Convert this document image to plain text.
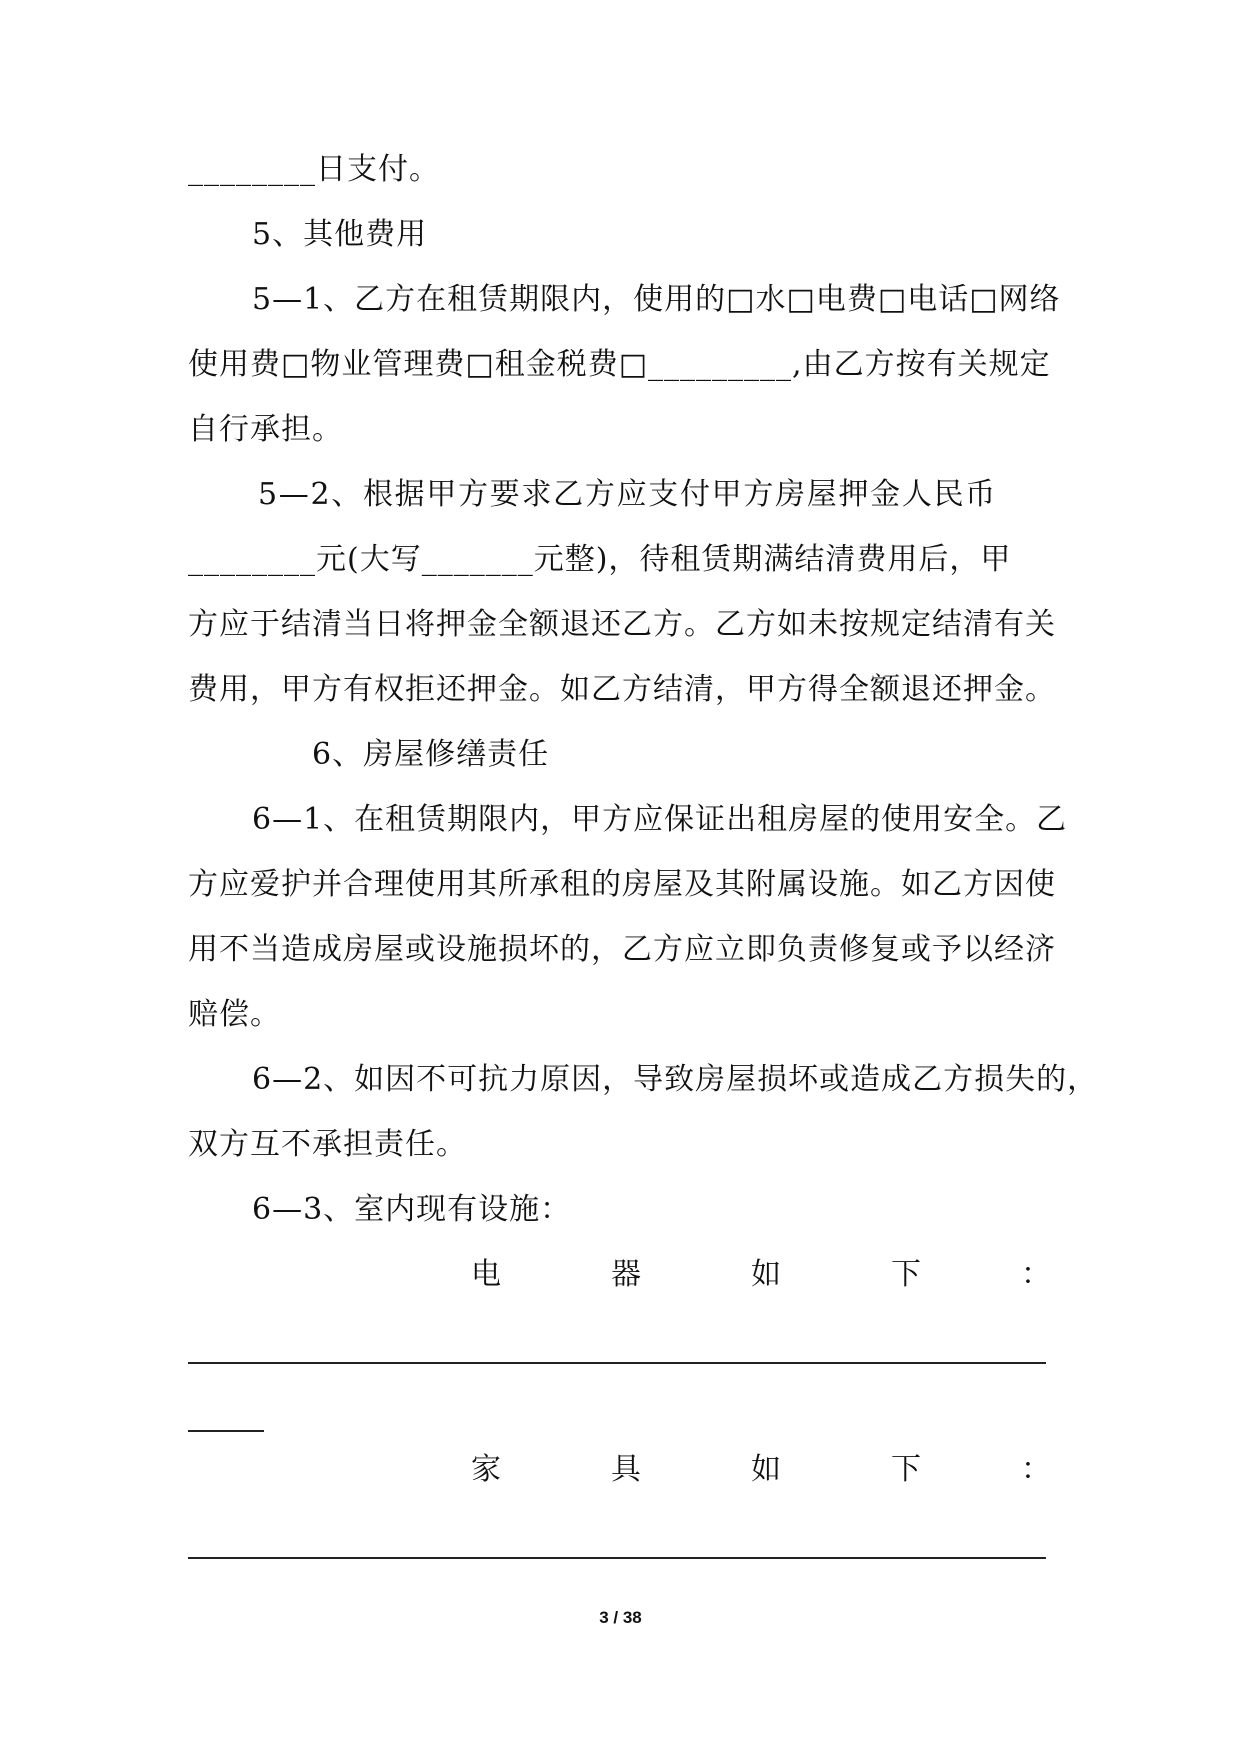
________日支付。
5、其他费用
5—1、乙方在租赁期限内，使用的□水□电费□电话□网络
使用费□物业管理费□租金税费□_________,由乙方按有关规定
自行承担。
5—2、根据甲方要求乙方应支付甲方房屋押金人民币
________元(大写_______元整)，待租赁期满结清费用后，甲
方应于结清当日将押金全额退还乙方。乙方如未按规定结清有关
费用，甲方有权拒还押金。如乙方结清，甲方得全额退还押金。
6、房屋修缮责任
6—1、在租赁期限内，甲方应保证出租房屋的使用安全。乙
方应爱护并合理使用其所承租的房屋及其附属设施。如乙方因使
用不当造成房屋或设施损坏的，乙方应立即负责修复或予以经济
赔偿。
6—2、如因不可抗力原因，导致房屋损坏或造成乙方损失的，
双方互不承担责任。
6—3、室内现有设施：
电	器	如	下	：
家	具	如	下	：
3 / 38
